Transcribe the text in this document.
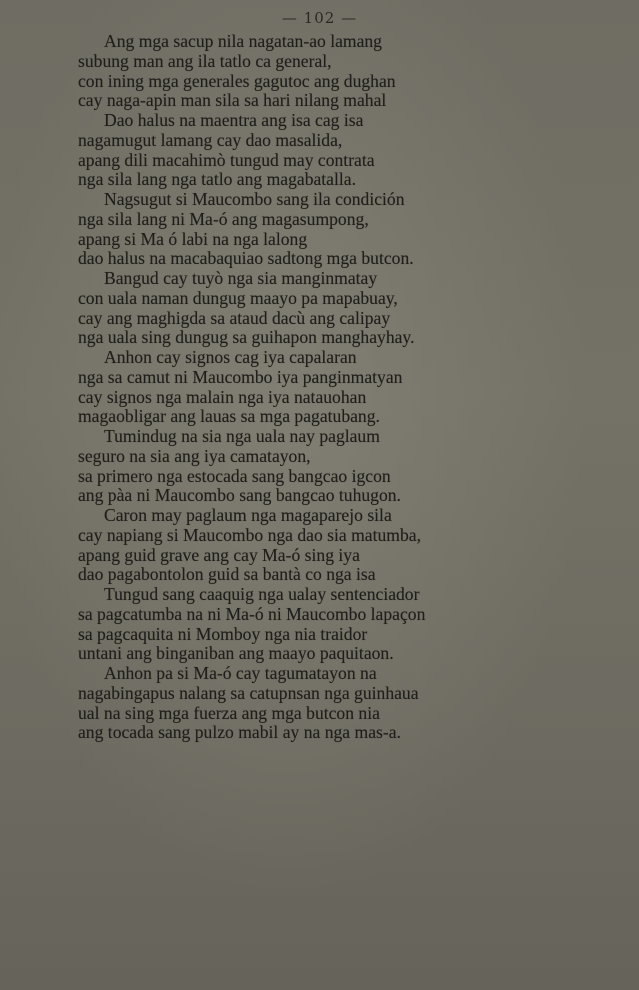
— 102 —
Ang mga sacup nila nagatan-ao lamang
subung man ang ila tatlo ca general,
con ining mga generales gagutoc ang dughan
cay naga-apin man sila sa hari nilang mahal
Dao halus na maentra ang isa cag isa
nagamugut lamang cay dao masalida,
apang dili macahimò tungud may contrata
nga sila lang nga tatlo ang magabatalla.
Nagsugut si Maucombo sang ila condición
nga sila lang ni Ma-ó ang magasumpong,
apang si Ma ó labi na nga lalong
dao halus na macabaquiao sadtong mga butcon.
Bangud cay tuyò nga sia manginmatay
con uala naman dungug maayo pa mapabuay,
cay ang maghigda sa ataud dacù ang calipay
nga uala sing dungug sa guihapon manghayhay.
Anhon cay signos cag iya capalaran
nga sa camut ni Maucombo iya panginmatyan
cay signos nga malain nga iya natauohan
magaobligar ang lauas sa mga pagatubang.
Tumindug na sia nga uala nay paglaum
seguro na sia ang iya camatayon,
sa primero nga estocada sang bangcao igcon
ang pàa ni Maucombo sang bangcao tuhugon.
Caron may paglaum nga magaparejo sila
cay napiang si Maucombo nga dao sia matumba,
apang guid grave ang cay Ma-ó sing iya
dao pagabontolon guid sa bantà co nga isa
Tungud sang caaquig nga ualay sentenciador
sa pagcatumba na ni Ma-ó ni Maucombo lapaçon
sa pagcaquita ni Momboy nga nia traidor
untani ang binganiban ang maayo paquitaon.
Anhon pa si Ma-ó cay tagumatayon na
nagabingapus nalang sa catupnsan nga guinhaua
ual na sing mga fuerza ang mga butcon nia
ang tocada sang pulzo mabil ay na nga mas-a.
